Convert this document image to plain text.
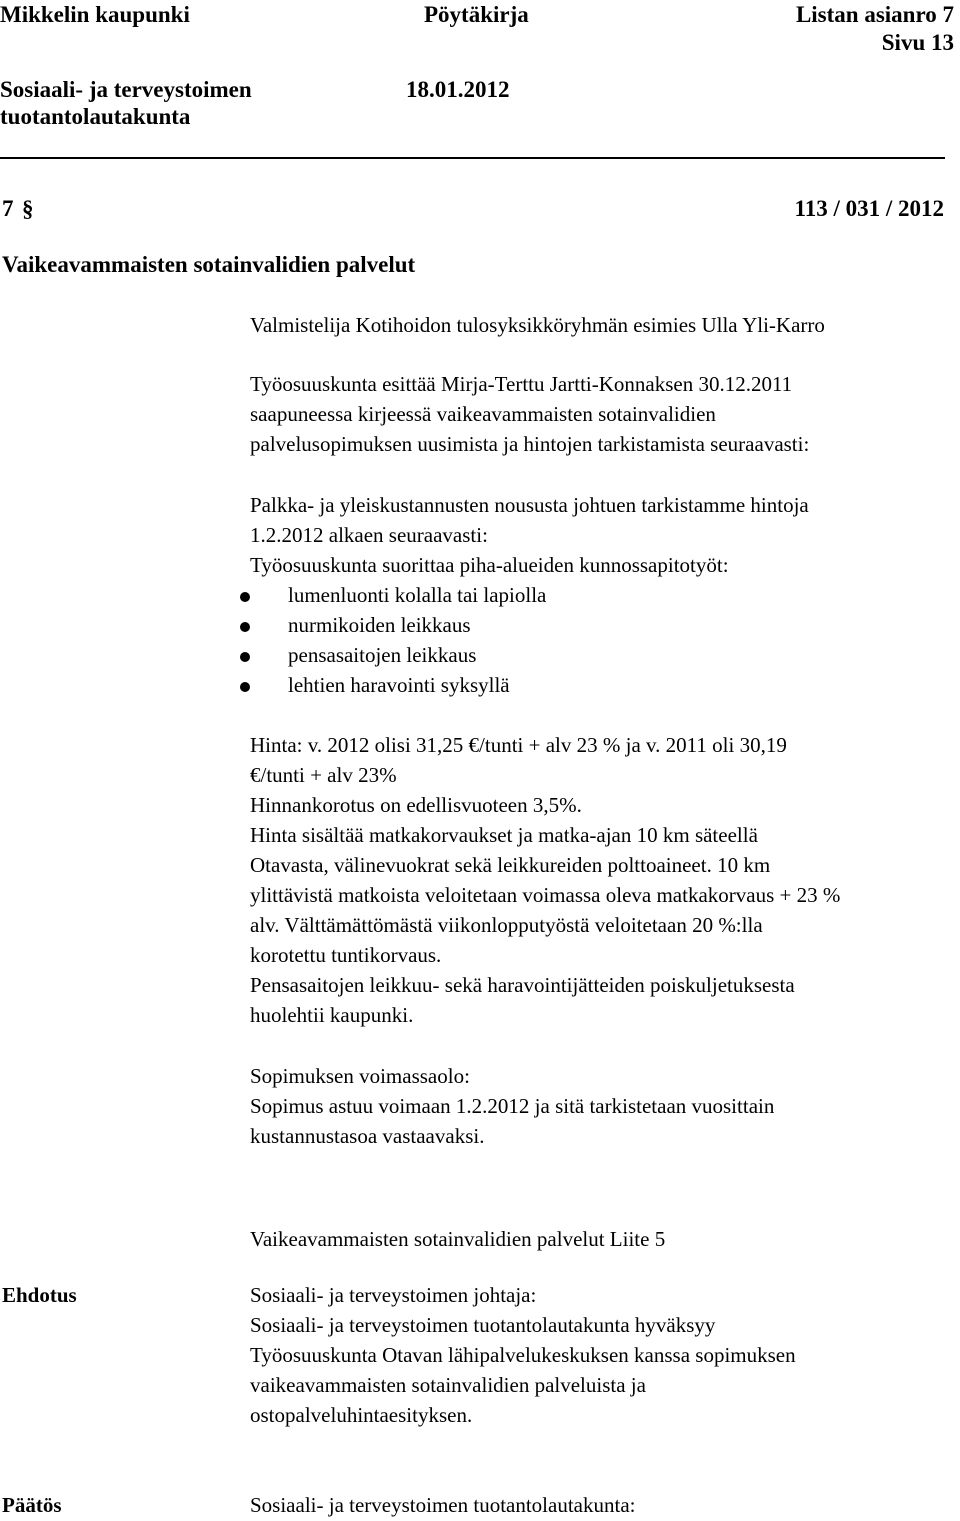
Mikkelin kaupunki	Pöytäkirja	Listan asianro 7
Sivu 13
Sosiaali- ja terveystoimen	18.01.2012
tuotantolautakunta
7 §	113 / 031 / 2012
Vaikeavammaisten sotainvalidien palvelut
Valmistelija Kotihoidon tulosyksikköryhmän esimies Ulla Yli-Karro
Työosuuskunta esittää Mirja-Terttu Jartti-Konnaksen 30.12.2011
saapuneessa kirjeessä vaikeavammaisten sotainvalidien
palvelusopimuksen uusimista ja hintojen tarkistamista seuraavasti:
Palkka- ja yleiskustannusten noususta johtuen tarkistamme hintoja
1.2.2012 alkaen seuraavasti:
Työosuuskunta suorittaa piha-alueiden kunnossapitotyöt:
lumenluonti kolalla tai lapiolla
nurmikoiden leikkaus
pensasaitojen leikkaus
lehtien haravointi syksyllä
Hinta: v. 2012 olisi 31,25 €/tunti + alv 23 % ja v. 2011 oli 30,19
€/tunti + alv 23%
Hinnankorotus on edellisvuoteen 3,5%.
Hinta sisältää matkakorvaukset ja matka-ajan 10 km säteellä
Otavasta, välinevuokrat sekä leikkureiden polttoaineet. 10 km
ylittävistä matkoista veloitetaan voimassa oleva matkakorvaus + 23 %
alv. Välttämättömästä viikonlopputyöstä veloitetaan 20 %:lla
korotettu tuntikorvaus.
Pensasaitojen leikkuu- sekä haravointijätteiden poiskuljetuksesta
huolehtii kaupunki.
Sopimuksen voimassaolo:
Sopimus astuu voimaan 1.2.2012 ja sitä tarkistetaan vuosittain
kustannustasoa vastaavaksi.
Vaikeavammaisten sotainvalidien palvelut Liite 5
Ehdotus	Sosiaali- ja terveystoimen johtaja:
Sosiaali- ja terveystoimen tuotantolautakunta hyväksyy
Työosuuskunta Otavan lähipalvelukeskuksen kanssa sopimuksen
vaikeavammaisten sotainvalidien palveluista ja
ostopalveluhintaesityksen.
Päätös	Sosiaali- ja terveystoimen tuotantolautakunta:
